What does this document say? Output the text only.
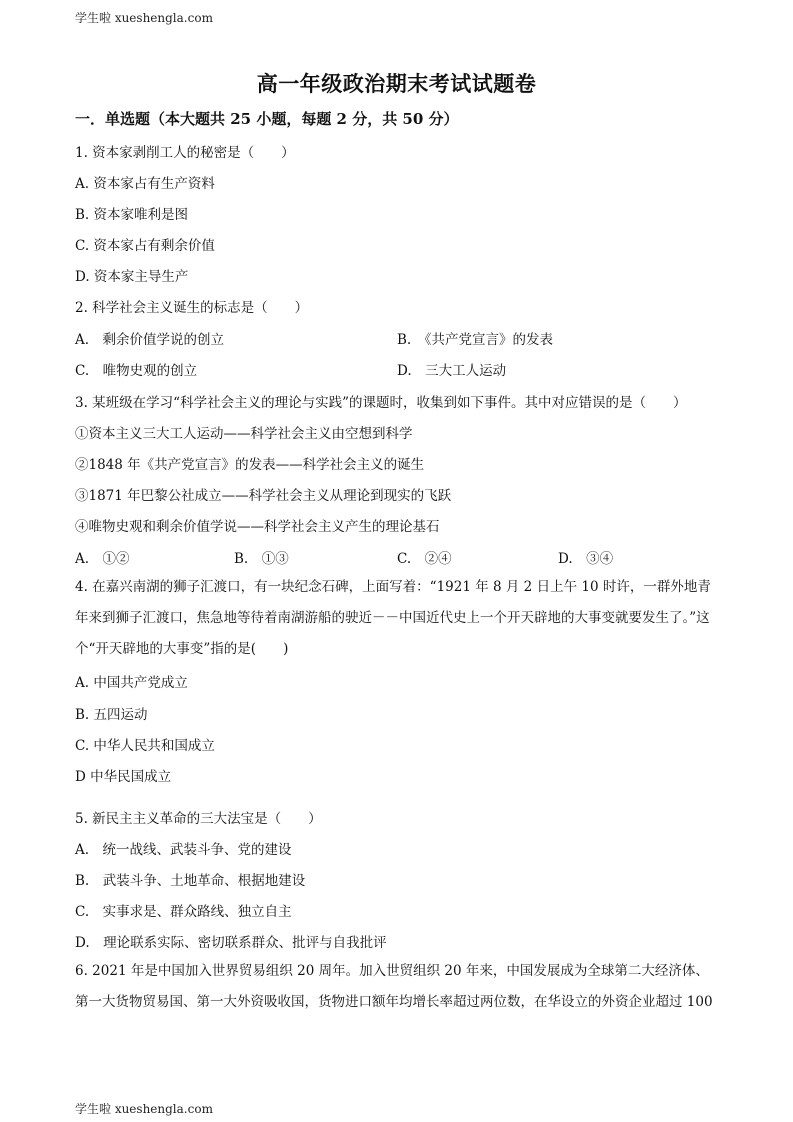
学生啦 xueshengla.com
高一年级政治期末考试试题卷
一．单选题（本大题共 25 小题，每题 2 分，共 50 分）
1. 资本家剥削工人的秘密是（　　）
A. 资本家占有生产资料
B. 资本家唯利是图
C. 资本家占有剩余价值
D. 资本家主导生产
2. 科学社会主义诞生的标志是（　　）
A.　剩余价值学说的创立	B.　《共产党宣言》的发表
C.　唯物史观的创立	D.　三大工人运动
3. 某班级在学习“科学社会主义的理论与实践”的课题时，收集到如下事件。其中对应错误的是（　　）
①资本主义三大工人运动——科学社会主义由空想到科学
②1848 年《共产党宣言》的发表——科学社会主义的诞生
③1871 年巴黎公社成立——科学社会主义从理论到现实的飞跃
④唯物史观和剩余价值学说——科学社会主义产生的理论基石
A.　①②	B.　①③	C.　②④	D.　③④
4. 在嘉兴南湖的狮子汇渡口，有一块纪念石碑，上面写着：“1921 年 8 月 2 日上午 10 时许，一群外地青年来到狮子汇渡口，焦急地等待着南湖游船的驶近－－中国近代史上一个开天辟地的大事变就要发生了。”这个“开天辟地的大事变”指的是(　　)
A. 中国共产党成立
B. 五四运动
C. 中华人民共和国成立
D 中华民国成立
5. 新民主主义革命的三大法宝是（　　）
A.　统一战线、武装斗争、党的建设
B.　武装斗争、土地革命、根据地建设
C.　实事求是、群众路线、独立自主
D.　理论联系实际、密切联系群众、批评与自我批评
6. 2021 年是中国加入世界贸易组织 20 周年。加入世贸组织 20 年来，中国发展成为全球第二大经济体、第一大货物贸易国、第一大外资吸收国，货物进口额年均增长率超过两位数，在华设立的外资企业超过 100
学生啦 xueshengla.com
